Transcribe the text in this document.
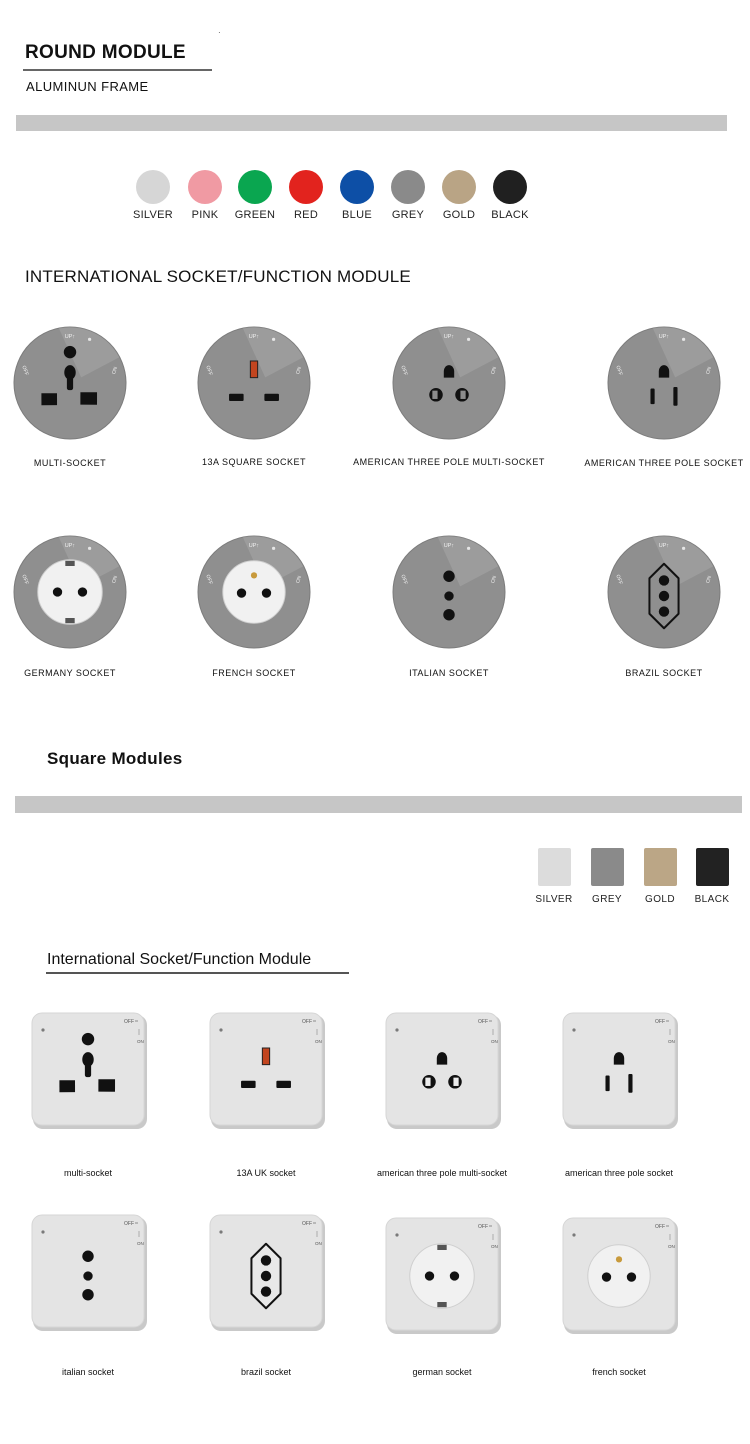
ROUND MODULE
·
ALUMINUN FRAME
SILVER	PINK	GREEN	RED	BLUE	GREY	GOLD	BLACK
INTERNATIONAL SOCKET/FUNCTION MODULE
UP↑
OFF	ON
MULTI-SOCKET
UP↑
OFF	ON
13A SQUARE SOCKET
UP↑
OFF	ON
AMERICAN THREE POLE MULTI-SOCKET
UP↑
OFF	ON
AMERICAN THREE POLE SOCKET
UP↑
OFF	ON
GERMANY SOCKET
UP↑
OFF	ON
FRENCH SOCKET
UP↑
OFF	ON
ITALIAN SOCKET
UP↑
OFF	ON
BRAZIL SOCKET
Square Modules
SILVER	GREY	GOLD	BLACK
International Socket/Function Module
OFF
ON
multi-socket
OFF
ON
13A UK socket
OFF
ON
american three pole multi-socket
OFF
ON
american three pole socket
OFF
ON
italian socket
OFF
ON
brazil socket
OFF
ON
german socket
OFF
ON
french socket
